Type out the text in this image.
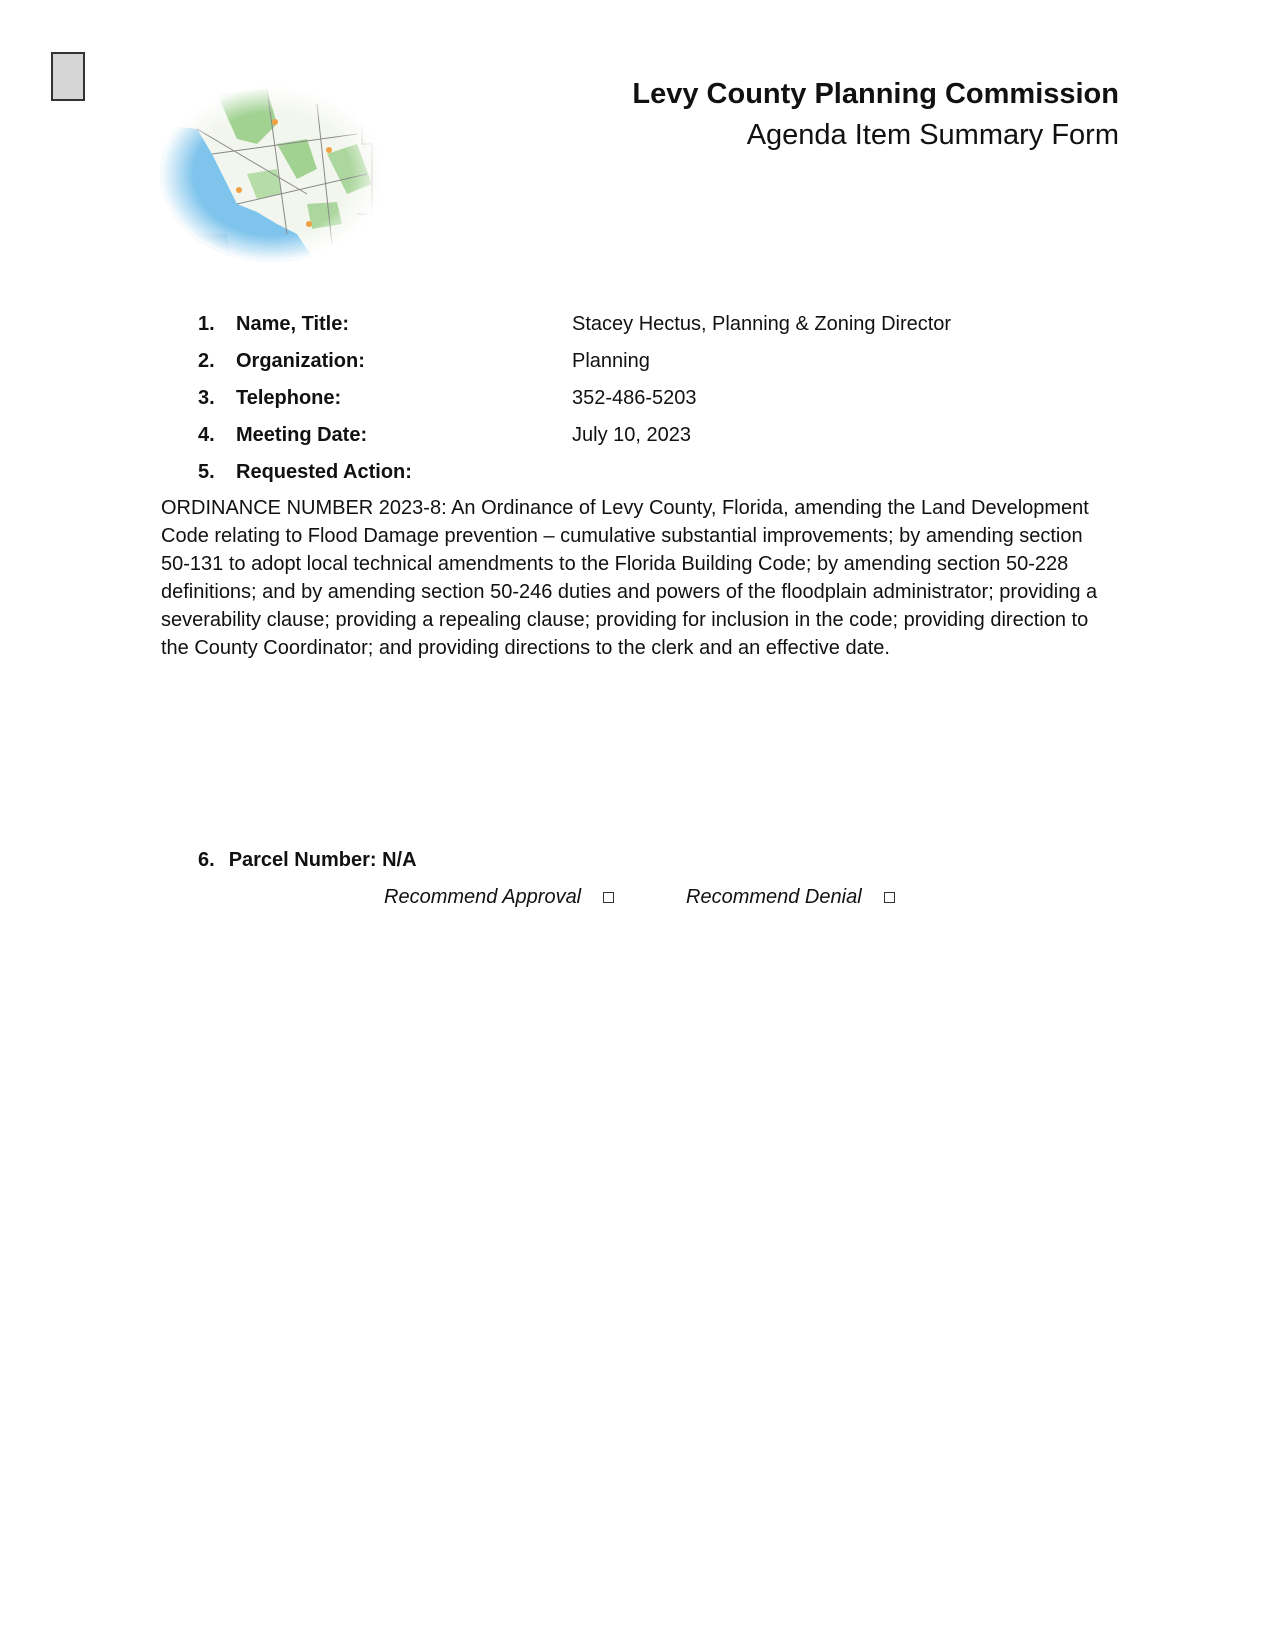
Levy County Planning Commission
Agenda Item Summary Form
1. Name, Title:	Stacey Hectus, Planning & Zoning Director
2. Organization:	Planning
3. Telephone:	352-486-5203
4. Meeting Date:	July 10, 2023
5. Requested Action:
ORDINANCE NUMBER 2023-8: An Ordinance of Levy County, Florida, amending the Land Development Code relating to Flood Damage prevention – cumulative substantial improvements; by amending section 50-131 to adopt local technical amendments to the Florida Building Code; by amending section 50-228 definitions; and by amending section 50-246 duties and powers of the floodplain administrator; providing a severability clause; providing a repealing clause; providing for inclusion in the code; providing direction to the County Coordinator; and providing directions to the clerk and an effective date.
6. Parcel Number: N/A
Recommend Approval	Recommend Denial
